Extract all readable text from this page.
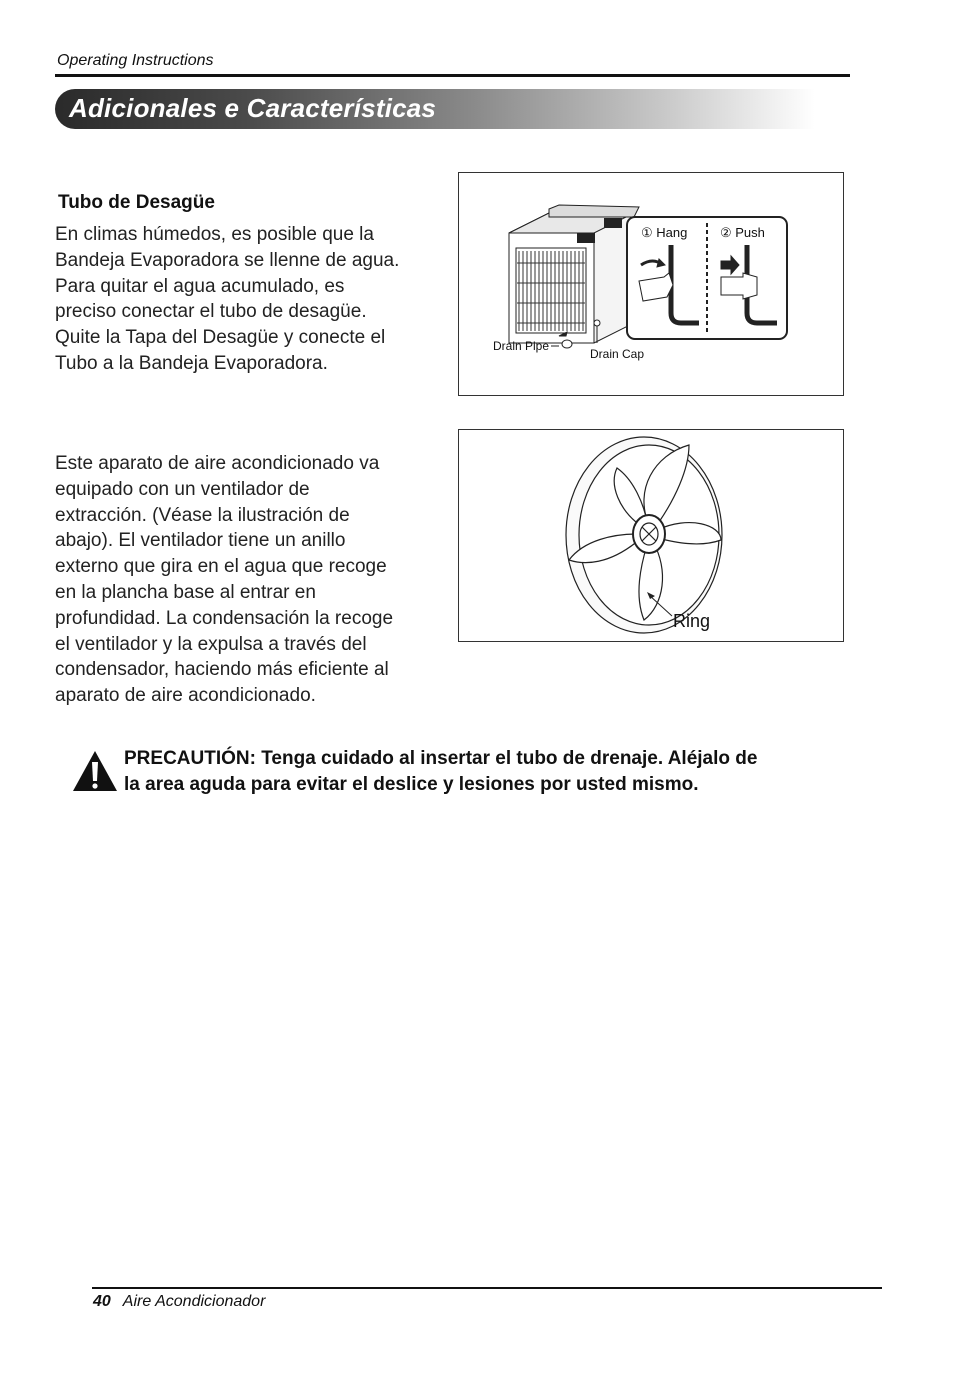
Operating Instructions
Adicionales e Características
Tubo de Desagüe
En climas húmedos, es posible que la
Bandeja Evaporadora se llenne de agua.
Para quitar el agua acumulado, es
preciso conectar el tubo de desagüe.
Quite la Tapa del Desagüe y conecte el
Tubo a la Bandeja Evaporadora.
Drain Pipe
Drain Cap
① Hang	② Push
Este aparato de aire acondicionado va
equipado con un ventilador de
extracción. (Véase la ilustración de
abajo). El ventilador tiene un anillo
externo que gira en el agua que recoge
en la plancha base al entrar en
profundidad. La condensación la recoge
el ventilador y la expulsa a través del
condensador, haciendo más eficiente al
aparato de aire acondicionado.
Ring
PRECAUTIÓN: Tenga cuidado al insertar el tubo de drenaje. Aléjalo de
la area aguda para evitar el deslice y lesiones por usted mismo.
40 Aire Acondicionador
